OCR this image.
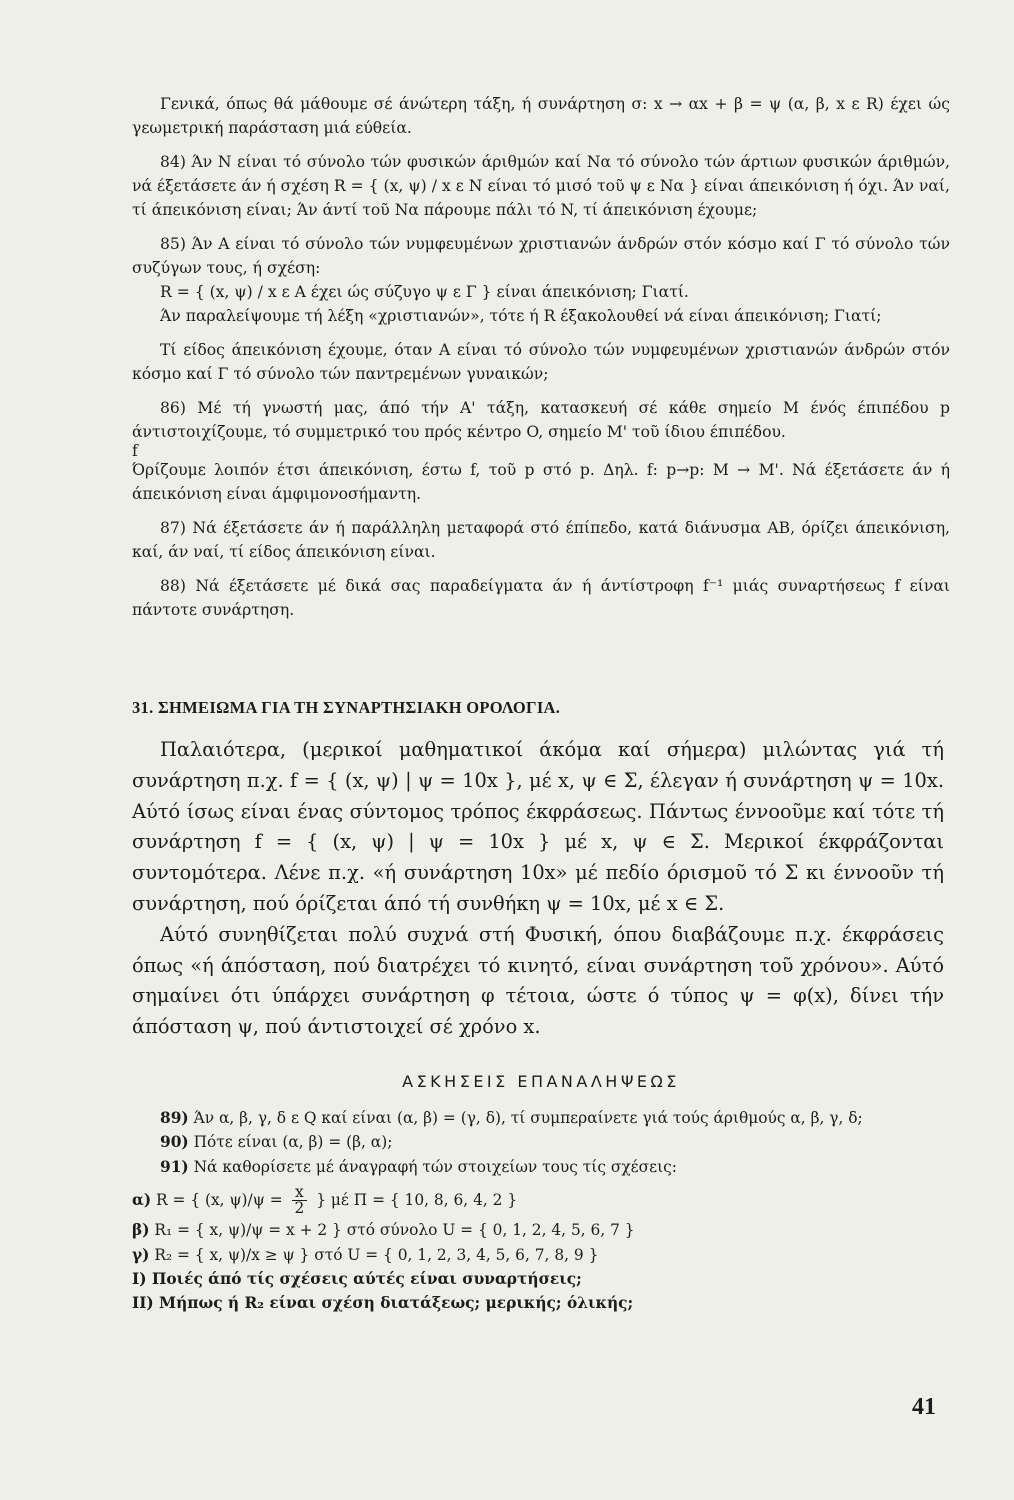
Γενικά, όπως θά μάθουμε σέ άνώτερη τάξη, ή συνάρτηση σ: x → αx + β = ψ (α, β, x ε R) έχει ώς γεωμετρική παράσταση μιά εύθεία.

84) Άν N είναι τό σύνολο τών φυσικών άριθμών καί Nα τό σύνολο τών άρτιων φυσικών άριθμών, νά έξετάσετε άν ή σχέση R = { (x, ψ) / x ε N είναι τό μισό τοῦ ψ ε Nα } είναι άπεικόνιση ή όχι. Άν ναί, τί άπεικόνιση είναι; Άν άντί τοῦ Nα πάρουμε πάλι τό N, τί άπεικόνιση έχουμε;

85) Άν A είναι τό σύνολο τών νυμφευμένων χριστιανών άνδρών στόν κόσμο καί Γ τό σύνολο τών συζύγων τους, ή σχέση:

R = { (x, ψ) / x ε A έχει ώς σύζυγο ψ ε Γ } είναι άπεικόνιση; Γιατί.

Άν παραλείψουμε τή λέξη «χριστιανών», τότε ή R έξακολουθεί νά είναι άπεικόνιση; Γιατί;

Τί είδος άπεικόνιση έχουμε, όταν A είναι τό σύνολο τών νυμφευμένων χριστιανών άνδρών στόν κόσμο καί Γ τό σύνολο τών παντρεμένων γυναικών;

86) Μέ τή γνωστή μας, άπό τήν A' τάξη, κατασκευή σέ κάθε σημείο M ένός έπιπέδου p άντιστοιχίζουμε, τό συμμετρικό του πρός κέντρο O, σημείο M' τοῦ ίδιου έπιπέδου.

f

Όρίζουμε λοιπόν έτσι άπεικόνιση, έστω f, τοῦ p στό p. Δηλ. f: p→p: M → M'. Νά έξετάσετε άν ή άπεικόνιση είναι άμφιμονοσήμαντη.

87) Νά έξετάσετε άν ή παράλληλη μεταφορά στό έπίπεδο, κατά διάνυσμα AB, όρίζει άπεικόνιση, καί, άν ναί, τί είδος άπεικόνιση είναι.

88) Νά έξετάσετε μέ δικά σας παραδείγματα άν ή άντίστροφη f⁻¹ μιάς συναρτήσεως f είναι πάντοτε συνάρτηση.

31. ΣΗΜΕΙΩΜΑ ΓΙΑ ΤΗ ΣΥΝΑΡΤΗΣΙΑΚΗ ΟΡΟΛΟΓΙΑ.

Παλαιότερα, (μερικοί μαθηματικοί άκόμα καί σήμερα) μιλώντας γιά τή συνάρτηση π.χ. f = { (x, ψ) | ψ = 10x }, μέ x, ψ ∈ Σ, έλεγαν ή συνάρτηση ψ = 10x. Αύτό ίσως είναι ένας σύντομος τρόπος έκφράσεως. Πάντως έννοοῦμε καί τότε τή συνάρτηση f = { (x, ψ) | ψ = 10x } μέ x, ψ ∈ Σ. Μερικοί έκφράζονται συντομότερα. Λένε π.χ. «ή συνάρτηση 10x» μέ πεδίο όρισμοῦ τό Σ κι έννοοῦν τή συνάρτηση, πού όρίζεται άπό τή συνθήκη ψ = 10x, μέ x ∈ Σ.

Αύτό συνηθίζεται πολύ συχνά στή Φυσική, όπου διαβάζουμε π.χ. έκφράσεις όπως «ή άπόσταση, πού διατρέχει τό κινητό, είναι συνάρτηση τοῦ χρόνου». Αύτό σημαίνει ότι ύπάρχει συνάρτηση φ τέτοια, ώστε ό τύπος ψ = φ(x), δίνει τήν άπόσταση ψ, πού άντιστοιχεί σέ χρόνο x.

ΑΣΚΗΣΕΙΣ ΕΠΑΝΑΛΗΨΕΩΣ

89) Άν α, β, γ, δ ε Q καί είναι (α, β) = (γ, δ), τί συμπεραίνετε γιά τούς άριθμούς α, β, γ, δ;

90) Πότε είναι (α, β) = (β, α);

91) Νά καθορίσετε μέ άναγραφή τών στοιχείων τους τίς σχέσεις:

α) R = { (x, $\psi)/\psi = \frac{x}{2}$ } μέ Π = { 10, 8, 6, 4, 2 }

β) R₁ = { x, ψ)/ψ = x + 2 } στό σύνολο U = { 0, 1, 2, 4, 5, 6, 7 }

γ) R₂ = { x, ψ)/x ≥ ψ } στό U = { 0, 1, 2, 3, 4, 5, 6, 7, 8, 9 }

I) Ποιές άπό τίς σχέσεις αύτές είναι συναρτήσεις;

II) Μήπως ή R₂ είναι σχέση διατάξεως; μερικής; όλικής;

41
